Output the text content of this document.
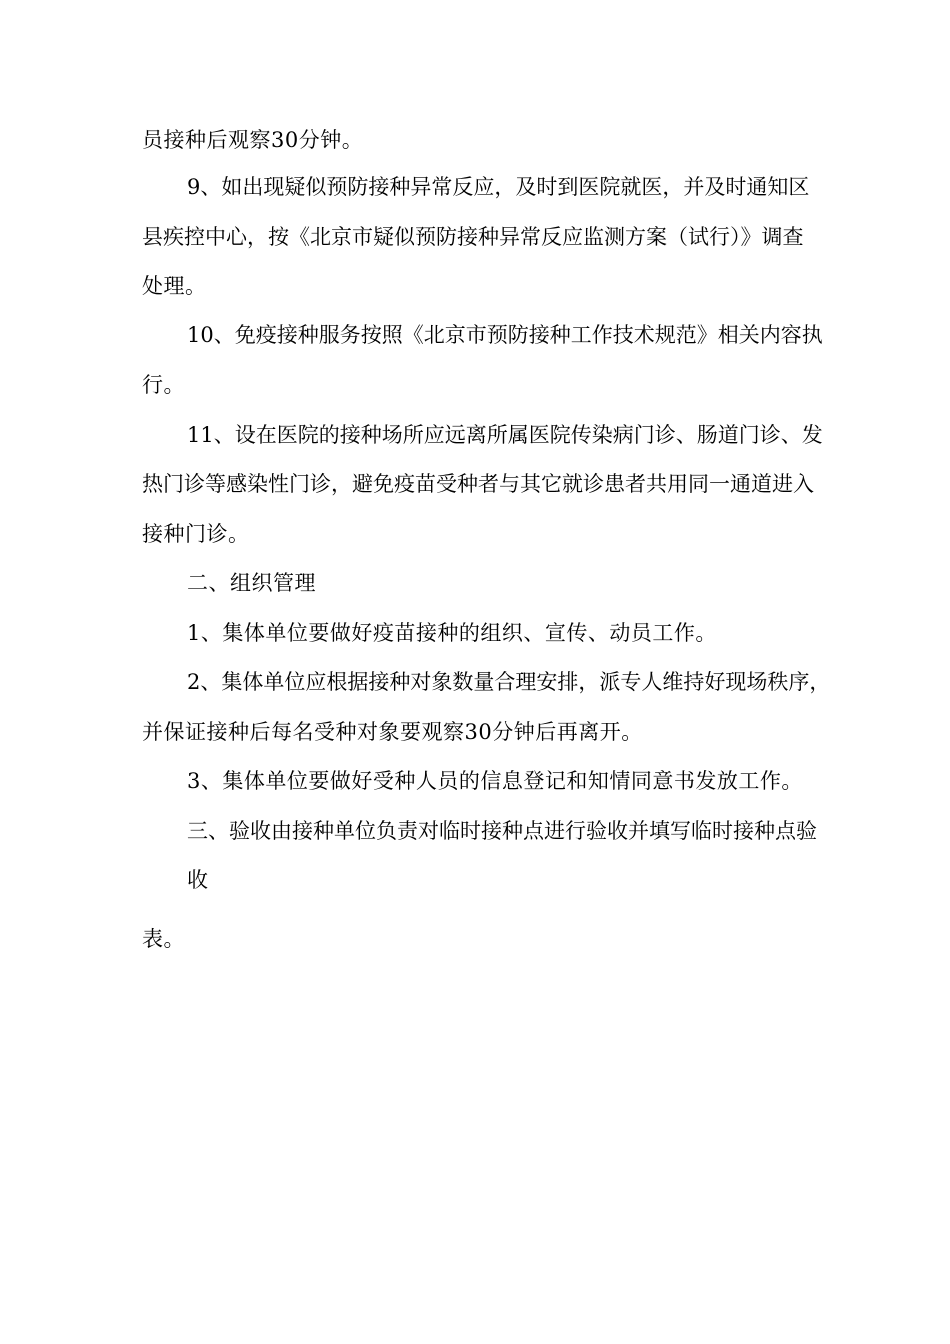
员接种后观察30分钟。
9、如出现疑似预防接种异常反应，及时到医院就医，并及时通知区
县疾控中心，按《北京市疑似预防接种异常反应监测方案（试行）》调查
处理。
10、免疫接种服务按照《北京市预防接种工作技术规范》相关内容执
行。
11、设在医院的接种场所应远离所属医院传染病门诊、肠道门诊、发
热门诊等感染性门诊，避免疫苗受种者与其它就诊患者共用同一通道进入
接种门诊。
二、组织管理
1、集体单位要做好疫苗接种的组织、宣传、动员工作。
2、集体单位应根据接种对象数量合理安排，派专人维持好现场秩序，
并保证接种后每名受种对象要观察30分钟后再离开。
3、集体单位要做好受种人员的信息登记和知情同意书发放工作。
三、验收由接种单位负责对临时接种点进行验收并填写临时接种点验
收
表。
